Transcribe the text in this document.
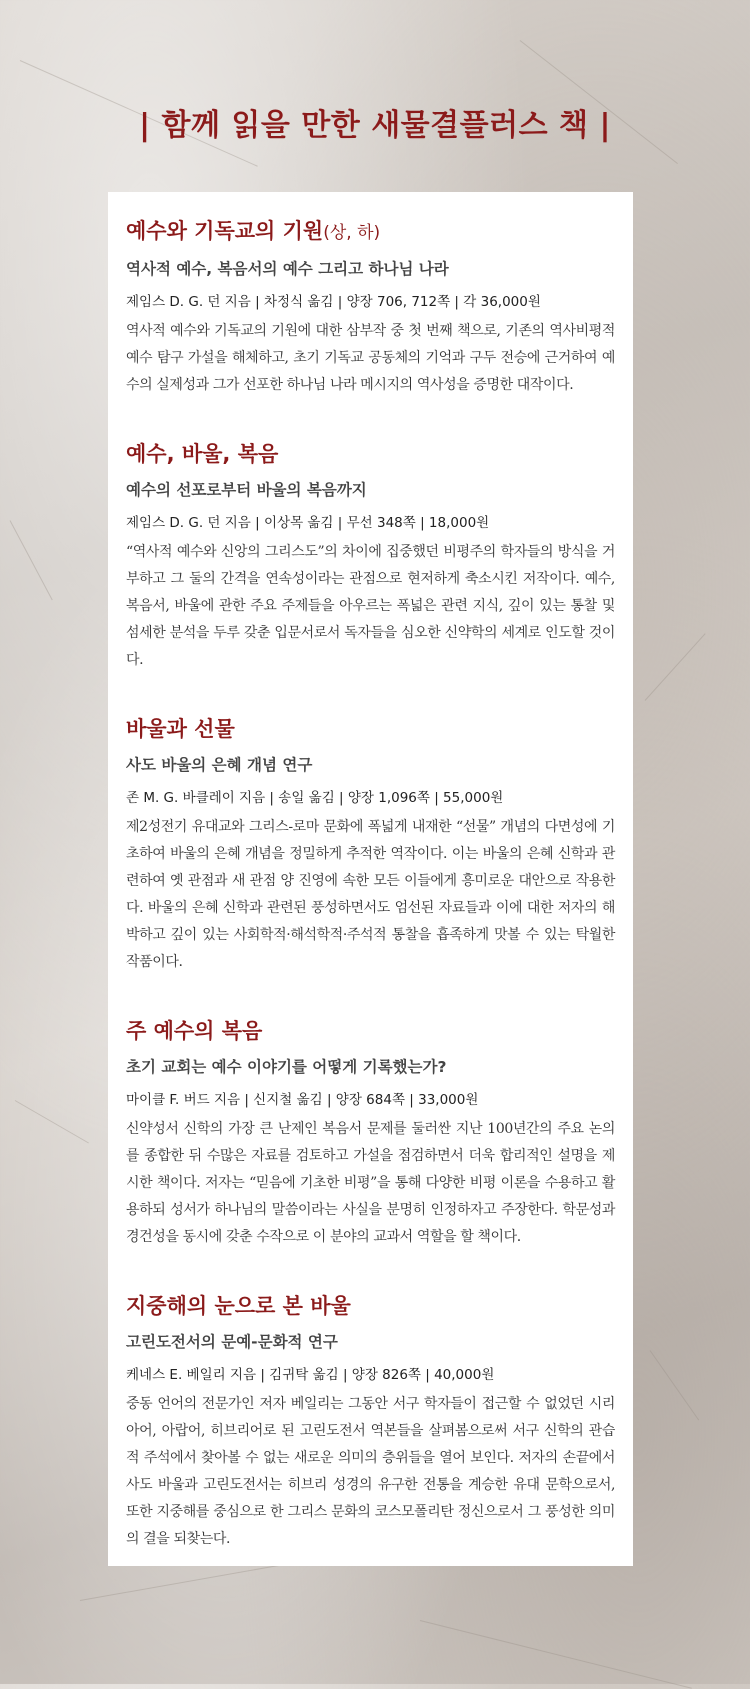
| 함께 읽을 만한 새물결플러스 책 |
예수와 기독교의 기원(상, 하)
역사적 예수, 복음서의 예수 그리고 하나님 나라
제임스 D. G. 던 지음 | 차정식 옮김 | 양장 706, 712쪽 | 각 36,000원
역사적 예수와 기독교의 기원에 대한 삼부작 중 첫 번째 책으로, 기존의 역사비평적 예수 탐구 가설을 해체하고, 초기 기독교 공동체의 기억과 구두 전승에 근거하여 예수의 실제성과 그가 선포한 하나님 나라 메시지의 역사성을 증명한 대작이다.
예수, 바울, 복음
예수의 선포로부터 바울의 복음까지
제임스 D. G. 던 지음 | 이상목 옮김 | 무선 348쪽 | 18,000원
“역사적 예수와 신앙의 그리스도”의 차이에 집중했던 비평주의 학자들의 방식을 거부하고 그 둘의 간격을 연속성이라는 관점으로 현저하게 축소시킨 저작이다. 예수, 복음서, 바울에 관한 주요 주제들을 아우르는 폭넓은 관련 지식, 깊이 있는 통찰 및 섬세한 분석을 두루 갖춘 입문서로서 독자들을 심오한 신약학의 세계로 인도할 것이다.
바울과 선물
사도 바울의 은혜 개념 연구
존 M. G. 바클레이 지음 | 송일 옮김 | 양장 1,096쪽 | 55,000원
제2성전기 유대교와 그리스-로마 문화에 폭넓게 내재한 “선물” 개념의 다면성에 기초하여 바울의 은혜 개념을 정밀하게 추적한 역작이다. 이는 바울의 은혜 신학과 관련하여 옛 관점과 새 관점 양 진영에 속한 모든 이들에게 흥미로운 대안으로 작용한다. 바울의 은혜 신학과 관련된 풍성하면서도 엄선된 자료들과 이에 대한 저자의 해박하고 깊이 있는 사회학적·해석학적·주석적 통찰을 흡족하게 맛볼 수 있는 탁월한 작품이다.
주 예수의 복음
초기 교회는 예수 이야기를 어떻게 기록했는가?
마이클 F. 버드 지음 | 신지철 옮김 | 양장 684쪽 | 33,000원
신약성서 신학의 가장 큰 난제인 복음서 문제를 둘러싼 지난 100년간의 주요 논의를 종합한 뒤 수많은 자료를 검토하고 가설을 점검하면서 더욱 합리적인 설명을 제시한 책이다. 저자는 “믿음에 기초한 비평”을 통해 다양한 비평 이론을 수용하고 활용하되 성서가 하나님의 말씀이라는 사실을 분명히 인정하자고 주장한다. 학문성과 경건성을 동시에 갖춘 수작으로 이 분야의 교과서 역할을 할 책이다.
지중해의 눈으로 본 바울
고린도전서의 문예-문화적 연구
케네스 E. 베일리 지음 | 김귀탁 옮김 | 양장 826쪽 | 40,000원
중동 언어의 전문가인 저자 베일리는 그동안 서구 학자들이 접근할 수 없었던 시리아어, 아랍어, 히브리어로 된 고린도전서 역본들을 살펴봄으로써 서구 신학의 관습적 주석에서 찾아볼 수 없는 새로운 의미의 층위들을 열어 보인다. 저자의 손끝에서 사도 바울과 고린도전서는 히브리 성경의 유구한 전통을 계승한 유대 문학으로서, 또한 지중해를 중심으로 한 그리스 문화의 코스모폴리탄 정신으로서 그 풍성한 의미의 결을 되찾는다.
